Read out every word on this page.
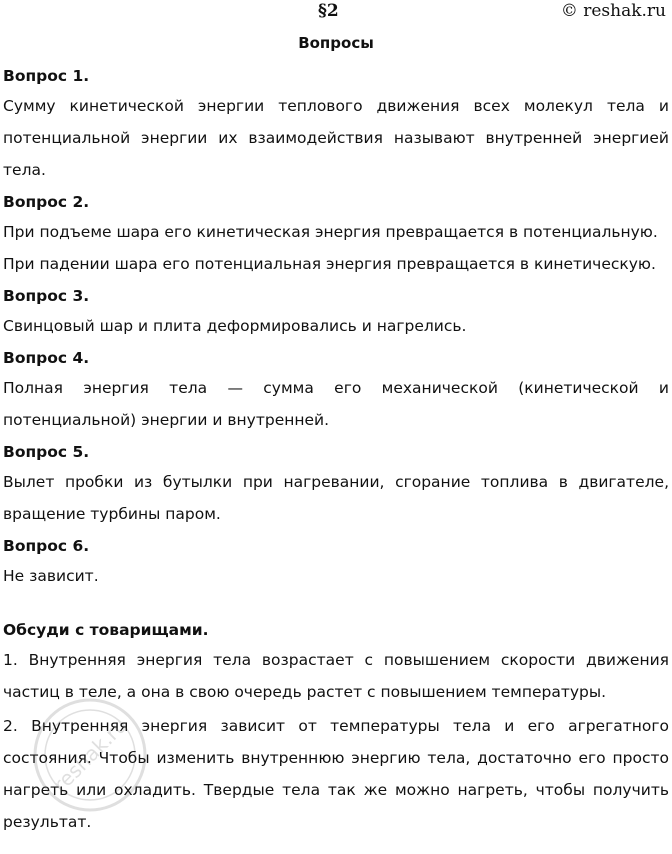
§2	© reshak.ru
Вопросы

Вопрос 1.

Сумму кинетической энергии теплового движения всех молекул тела и потенциальной энергии их взаимодействия называют внутренней энергией тела.

Вопрос 2.

При подъеме шара его кинетическая энергия превращается в потенциальную.

При падении шара его потенциальная энергия превращается в кинетическую.

Вопрос 3.

Свинцовый шар и плита деформировались и нагрелись.

Вопрос 4.

Полная энергия тела — сумма его механической (кинетической и потенциальной) энергии и внутренней.

Вопрос 5.

Вылет пробки из бутылки при нагревании, сгорание топлива в двигателе, вращение турбины паром.

Вопрос 6.

Не зависит.

Обсуди с товарищами.

1. Внутренняя энергия тела возрастает с повышением скорости движения частиц в теле, а она в свою очередь растет с повышением температуры.

2. Внутренняя энергия зависит от температуры тела и его агрегатного состояния. Чтобы изменить внутреннюю энергию тела, достаточно его просто нагреть или охладить. Твердые тела так же можно нагреть, чтобы получить результат.

reshak.ru
